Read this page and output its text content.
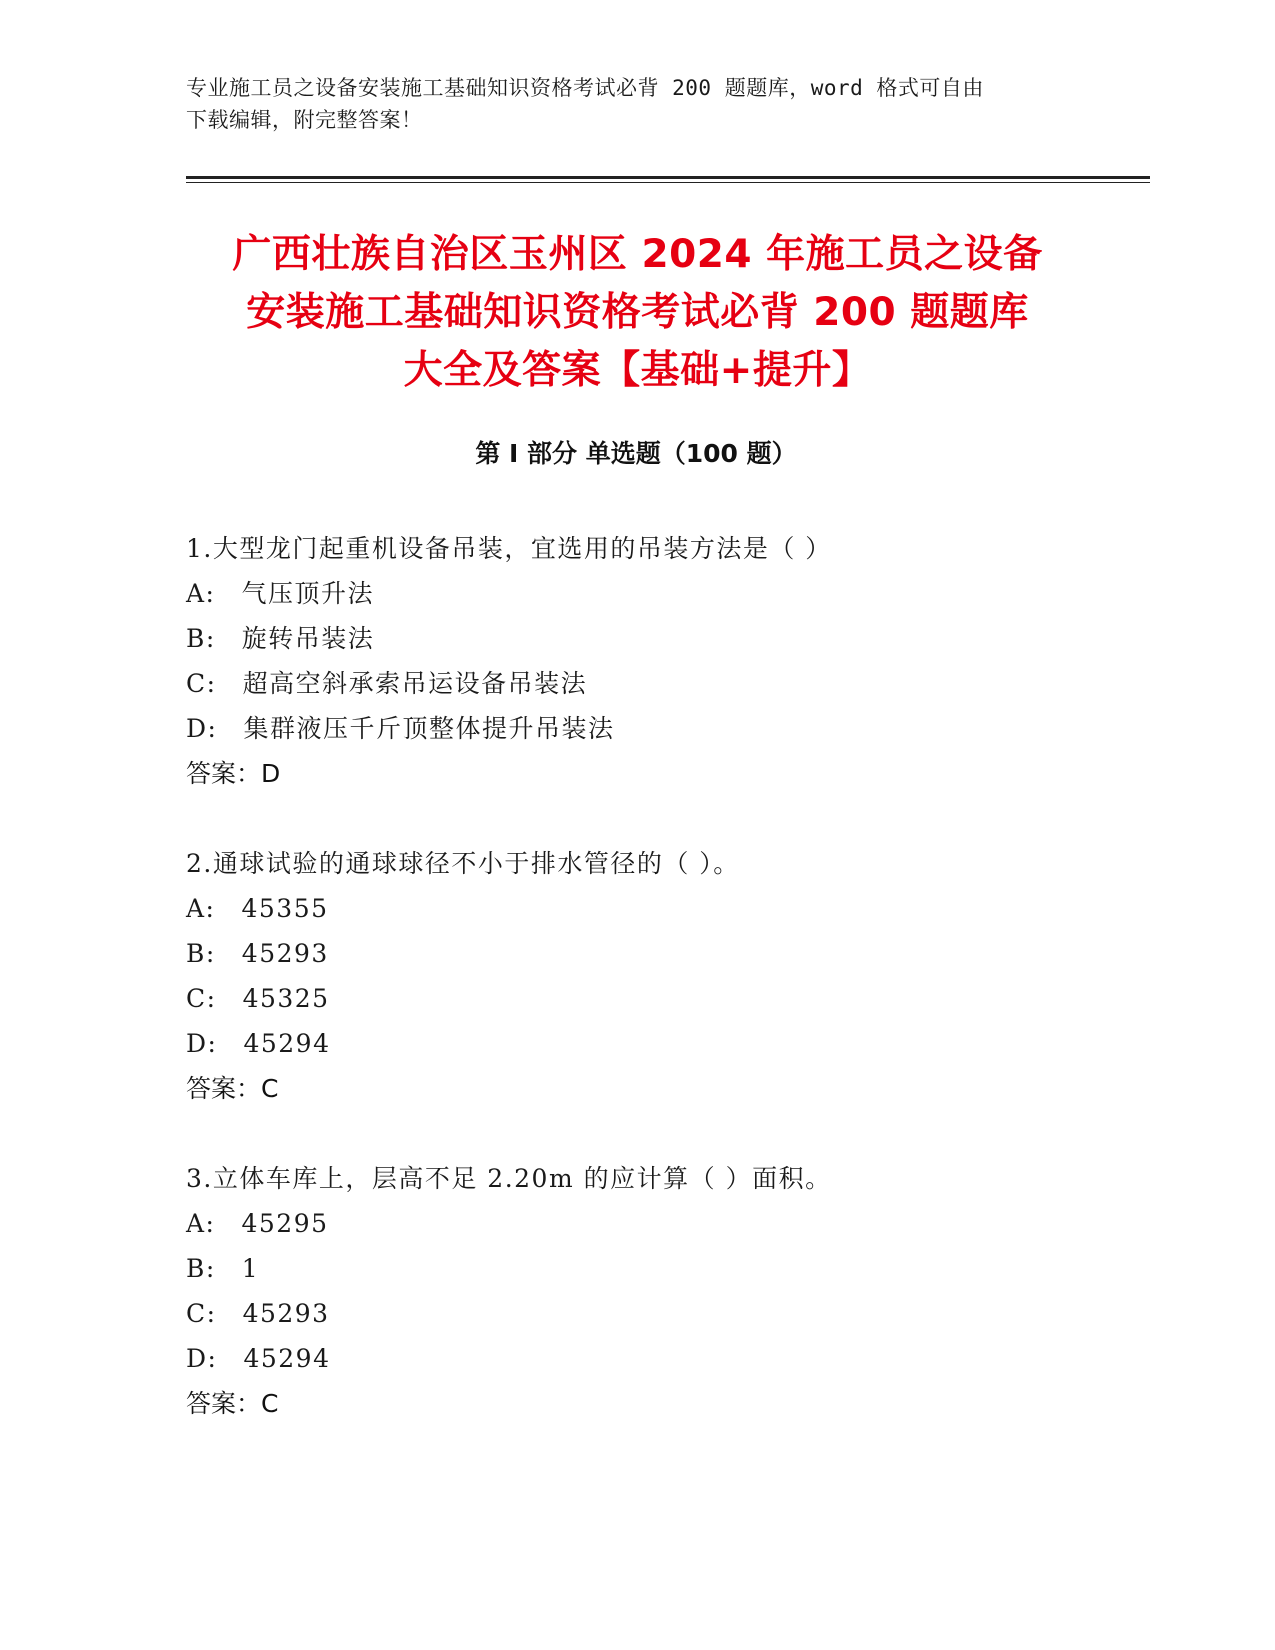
专业施工员之设备安装施工基础知识资格考试必背 200 题题库，word 格式可自由
下载编辑，附完整答案！
广西壮族自治区玉州区 2024 年施工员之设备
安装施工基础知识资格考试必背 200 题题库
大全及答案【基础+提升】
第 I 部分 单选题（100 题）
1.大型龙门起重机设备吊装，宜选用的吊装方法是（ ）
A: 气压顶升法
B: 旋转吊装法
C: 超高空斜承索吊运设备吊装法
D: 集群液压千斤顶整体提升吊装法
答案：D
2.通球试验的通球球径不小于排水管径的（ ）。
A: 45355
B: 45293
C: 45325
D: 45294
答案：C
3.立体车库上，层高不足 2.20m 的应计算（ ）面积。
A: 45295
B: 1
C: 45293
D: 45294
答案：C
